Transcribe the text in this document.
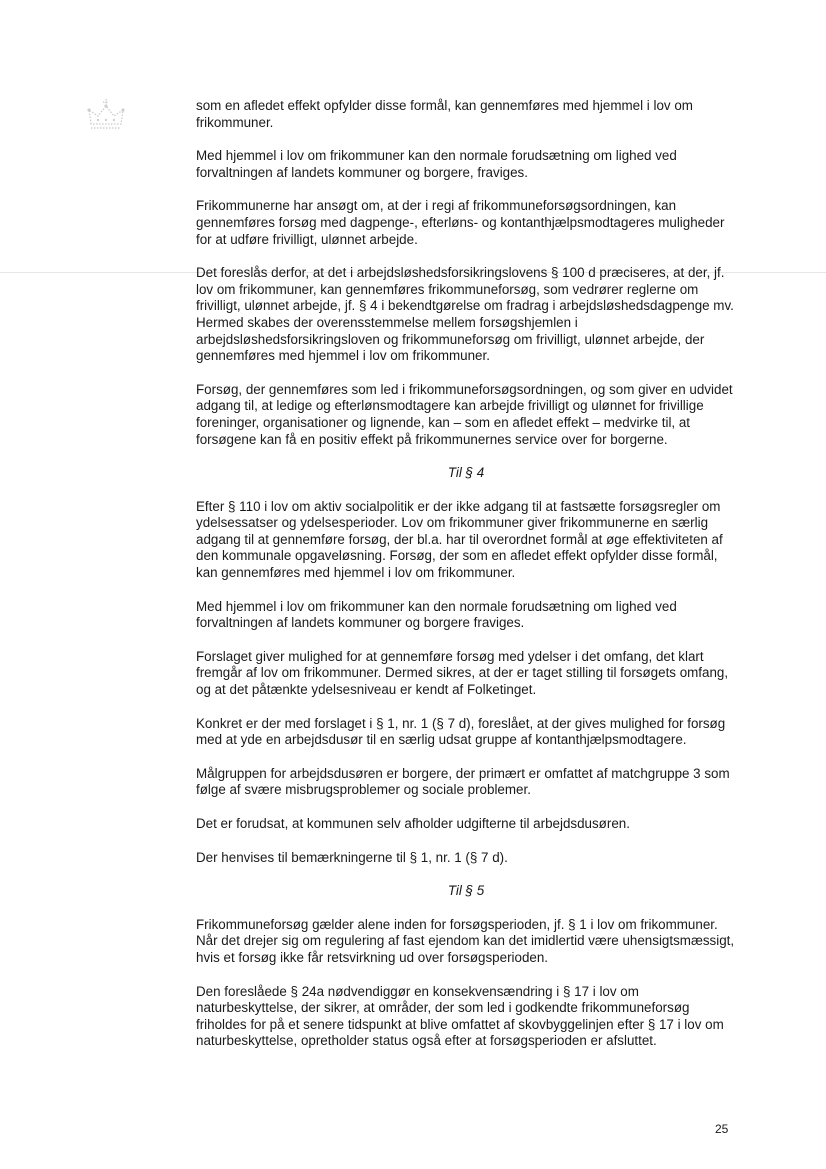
som en afledet effekt opfylder disse formål, kan gennemføres med hjemmel i lov om frikommuner.

Med hjemmel i lov om frikommuner kan den normale forudsætning om lighed ved forvaltningen af landets kommuner og borgere, fraviges.

Frikommunerne har ansøgt om, at der i regi af frikommuneforsøgsordningen, kan gennemføres forsøg med dagpenge-, efterløns- og kontanthjælpsmodtageres muligheder for at udføre frivilligt, ulønnet arbejde.

Det foreslås derfor, at det i arbejdsløshedsforsikringslovens § 100 d præciseres, at der, jf. lov om frikommuner, kan gennemføres frikommuneforsøg, som vedrører reglerne om frivilligt, ulønnet arbejde, jf. § 4 i bekendtgørelse om fradrag i arbejdsløshedsdagpenge mv. Hermed skabes der overensstemmelse mellem forsøgshjemlen i arbejdsløshedsforsikringsloven og frikommuneforsøg om frivilligt, ulønnet arbejde, der gennemføres med hjemmel i lov om frikommuner.

Forsøg, der gennemføres som led i frikommuneforsøgsordningen, og som giver en udvidet adgang til, at ledige og efterlønsmodtagere kan arbejde frivilligt og ulønnet for frivillige foreninger, organisationer og lignende, kan – som en afledet effekt – medvirke til, at forsøgene kan få en positiv effekt på frikommunernes service over for borgerne.

Til § 4

Efter § 110 i lov om aktiv socialpolitik er der ikke adgang til at fastsætte forsøgsregler om ydelsessatser og ydelsesperioder. Lov om frikommuner giver frikommunerne en særlig adgang til at gennemføre forsøg, der bl.a. har til overordnet formål at øge effektiviteten af den kommunale opgaveløsning. Forsøg, der som en afledet effekt opfylder disse formål, kan gennemføres med hjemmel i lov om frikommuner.

Med hjemmel i lov om frikommuner kan den normale forudsætning om lighed ved forvaltningen af landets kommuner og borgere fraviges.

Forslaget giver mulighed for at gennemføre forsøg med ydelser i det omfang, det klart fremgår af lov om frikommuner. Dermed sikres, at der er taget stilling til forsøgets omfang, og at det påtænkte ydelsesniveau er kendt af Folketinget.

Konkret er der med forslaget i § 1, nr. 1 (§ 7 d), foreslået, at der gives mulighed for forsøg med at yde en arbejdsdusør til en særlig udsat gruppe af kontanthjælpsmodtagere.

Målgruppen for arbejdsdusøren er borgere, der primært er omfattet af matchgruppe 3 som følge af svære misbrugsproblemer og sociale problemer.

Det er forudsat, at kommunen selv afholder udgifterne til arbejdsdusøren.

Der henvises til bemærkningerne til § 1, nr. 1 (§ 7 d).

Til § 5

Frikommuneforsøg gælder alene inden for forsøgsperioden, jf. § 1 i lov om frikommuner. Når det drejer sig om regulering af fast ejendom kan det imidlertid være uhensigtsmæssigt, hvis et forsøg ikke får retsvirkning ud over forsøgsperioden.

Den foreslåede § 24a nødvendiggør en konsekvensændring i § 17 i lov om naturbeskyttelse, der sikrer, at områder, der som led i godkendte frikommuneforsøg friholdes for på et senere tidspunkt at blive omfattet af skovbyggelinjen efter § 17 i lov om naturbeskyttelse, opretholder status også efter at forsøgsperioden er afsluttet.

25
